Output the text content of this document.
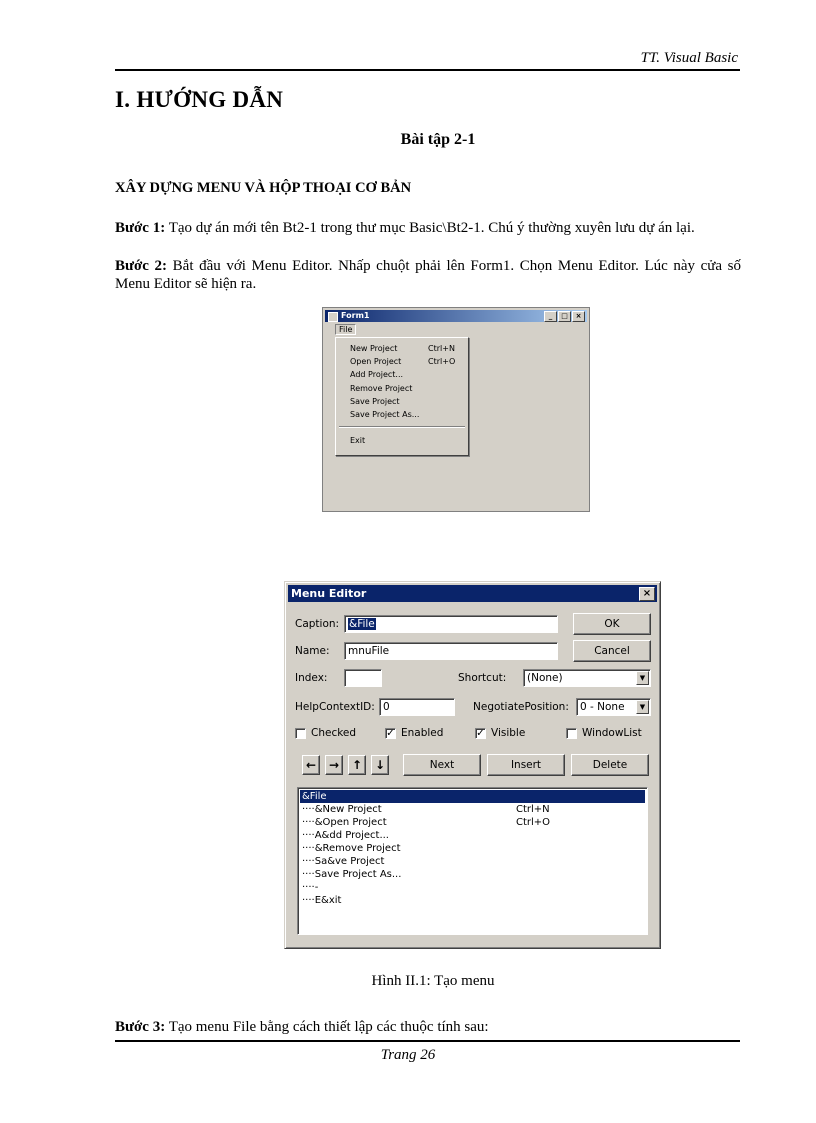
TT. Visual Basic
I. HƯỚNG DẪN
Bài tập 2-1
XÂY DỰNG MENU VÀ HỘP THOẠI CƠ BẢN
Bước 1: Tạo dự án mới tên Bt2-1 trong thư mục Basic\Bt2-1. Chú ý thường xuyên lưu dự án lại.
Bước 2: Bắt đầu với Menu Editor. Nhấp chuột phải lên Form1. Chọn Menu Editor. Lúc này cửa số Menu Editor sẽ hiện ra.
Form1	_	□	×
File
New Project	Ctrl+N
Open Project	Ctrl+O
Add Project...
Remove Project
Save Project
Save Project As...
Exit
Menu Editor	×
Caption: &File	OK
Name:	mnuFile	Cancel
Index:	Shortcut:	(None)	▼
HelpContextID: 0	NegotiatePosition:	0 - None	▼
Checked	✓ Enabled	✓ Visible	WindowList
←	→	↑	↓	Next	Insert	Delete
&File
····&New Project	Ctrl+N
····&Open Project	Ctrl+O
····A&dd Project...
····&Remove Project
····Sa&ve Project
····Save Project As...
····-
····E&xit
Hình II.1: Tạo menu
Bước 3: Tạo menu File bằng cách thiết lập các thuộc tính sau:
Trang 26
